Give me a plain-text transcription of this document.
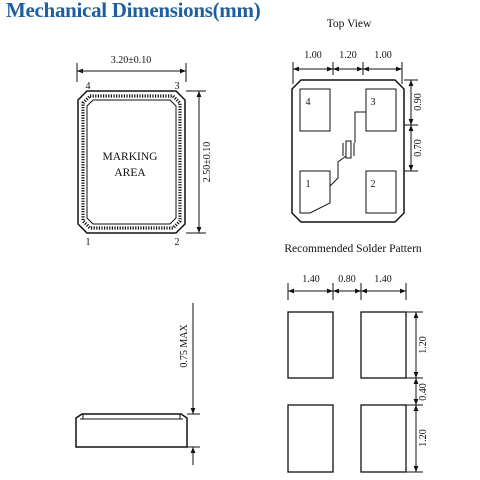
Mechanical Dimensions(mm)
3.20±0.10
4	3
1	2
MARKING
AREA	2.50±0.10
0.75 MAX
Top View
1.00 1.20 1.00
0.90
0.70
4	3
1	2
Recommended Solder Pattern
1.40 0.80 1.40
1.20
0.40
1.20
